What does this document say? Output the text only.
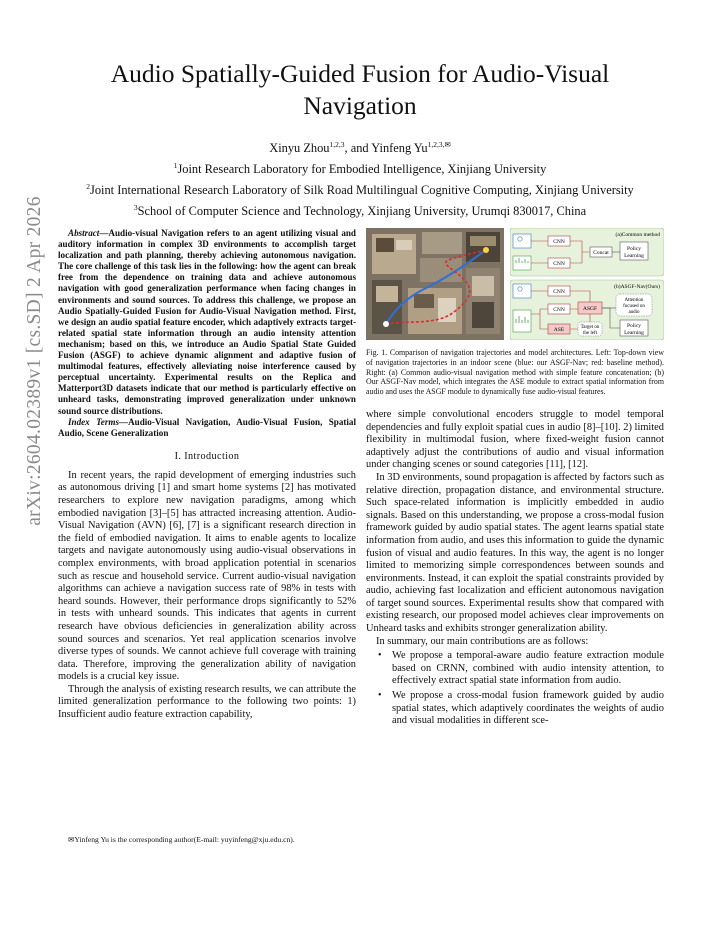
arXiv:2604.02389v1 [cs.SD] 2 Apr 2026
Audio Spatially-Guided Fusion for Audio-Visual Navigation
Xinyu Zhou$^{1,2,3}$, and Yinfeng $Yu^{1,2,3,✉}$
$^1$Joint Research Laboratory for Embodied Intelligence, Xinjiang University
$^2$Joint International Research Laboratory of Silk Road Multilingual Cognitive Computing, Xinjiang University
$^3$School of Computer Science and Technology, Xinjiang University, Urumqi 830017, China

Abstract—Audio-visual Navigation refers to an agent utilizing visual and auditory information in complex 3D environments to accomplish target localization and path planning, thereby achieving autonomous navigation. The core challenge of this task lies in the following: how the agent can break free from the dependence on training data and achieve autonomous navigation with good generalization performance when facing changes in environments and sound sources. To address this challenge, we propose an Audio Spatially-Guided Fusion for Audio-Visual Navigation method. First, we design an audio spatial feature encoder, which adaptively extracts target-related spatial state information through an audio intensity attention mechanism; based on this, we introduce an Audio Spatial State Guided Fusion (ASGF) to achieve dynamic alignment and adaptive fusion of multimodal features, effectively alleviating noise interference caused by perceptual uncertainty. Experimental results on the Replica and Matterport3D datasets indicate that our method is particularly effective on unheard tasks, demonstrating improved generalization under unknown sound source distributions.

Index Terms—Audio-Visual Navigation, Audio-Visual Fusion, Spatial Audio, Scene Generalization

I. Introduction

In recent years, the rapid development of emerging industries such as autonomous driving [1] and smart home systems [2] has motivated researchers to explore new navigation paradigms, among which embodied navigation [3]–[5] has attracted increasing attention. Audio-Visual Navigation (AVN) [6], [7] is a significant research direction in the field of embodied navigation. It aims to enable agents to localize targets and navigate autonomously using audio-visual observations in complex environments, with broad application potential in scenarios such as rescue and household service. Current audio-visual navigation algorithms can achieve a navigation success rate of 98% in tests with heard sounds. However, their performance drops significantly to 52% in tests with unheard sounds. This indicates that agents in current research have obvious deficiencies in generalization ability across sound sources and scenarios. Yet real application scenarios involve diverse types of sounds. We cannot achieve full coverage with training data. Therefore, improving the generalization ability of navigation models is a crucial key issue.

Through the analysis of existing research results, we can attribute the limited generalization performance to the following two points: 1) Insufficient audio feature extraction capability,

✉Yinfeng Yu is the corresponding author(E-mail: yuyinfeng@xju.edu.cn).
(a)Common method
CNN
CNN
Concat
Policy
Learning
(b)ASGF-Nav(Ours)
CNN
CNN
ASE
ASGF
Attention
focused on
audio
Target on
the left
Policy
Learning

Fig. 1. Comparison of navigation trajectories and model architectures. Left: Top-down view of navigation trajectories in an indoor scene (blue: our ASGF-Nav; red: baseline method). Right: (a) Common audio-visual navigation method with simple feature concatenation; (b) Our ASGF-Nav model, which integrates the ASE module to extract spatial information from audio and uses the ASGF module to dynamically fuse audio-visual features.

where simple convolutional encoders struggle to model temporal dependencies and fully exploit spatial cues in audio [8]–[10]. 2) limited flexibility in multimodal fusion, where fixed-weight fusion cannot adaptively adjust the contributions of audio and visual information under changing scenes or sound categories [11], [12].

In 3D environments, sound propagation is affected by factors such as relative direction, propagation distance, and environmental structure. Such space-related information is implicitly embedded in audio signals. Based on this understanding, we propose a cross-modal fusion framework guided by audio spatial states. The agent learns spatial state information from audio, and uses this information to guide the dynamic fusion of visual and audio features. In this way, the agent is no longer limited to memorizing simple correspondences between sounds and environments. Instead, it can exploit the spatial constraints provided by audio, achieving fast localization and efficient autonomous navigation of target sound sources. Experimental results show that compared with existing research, our proposed model achieves clear improvements on Unheard tasks and exhibits stronger generalization ability.

In summary, our main contributions are as follows:

• We propose a temporal-aware audio feature extraction module based on CRNN, combined with audio intensity attention, to effectively extract spatial state information from audio.
• We propose a cross-modal fusion framework guided by audio spatial states, which adaptively coordinates the weights of audio and visual modalities in different sce-
